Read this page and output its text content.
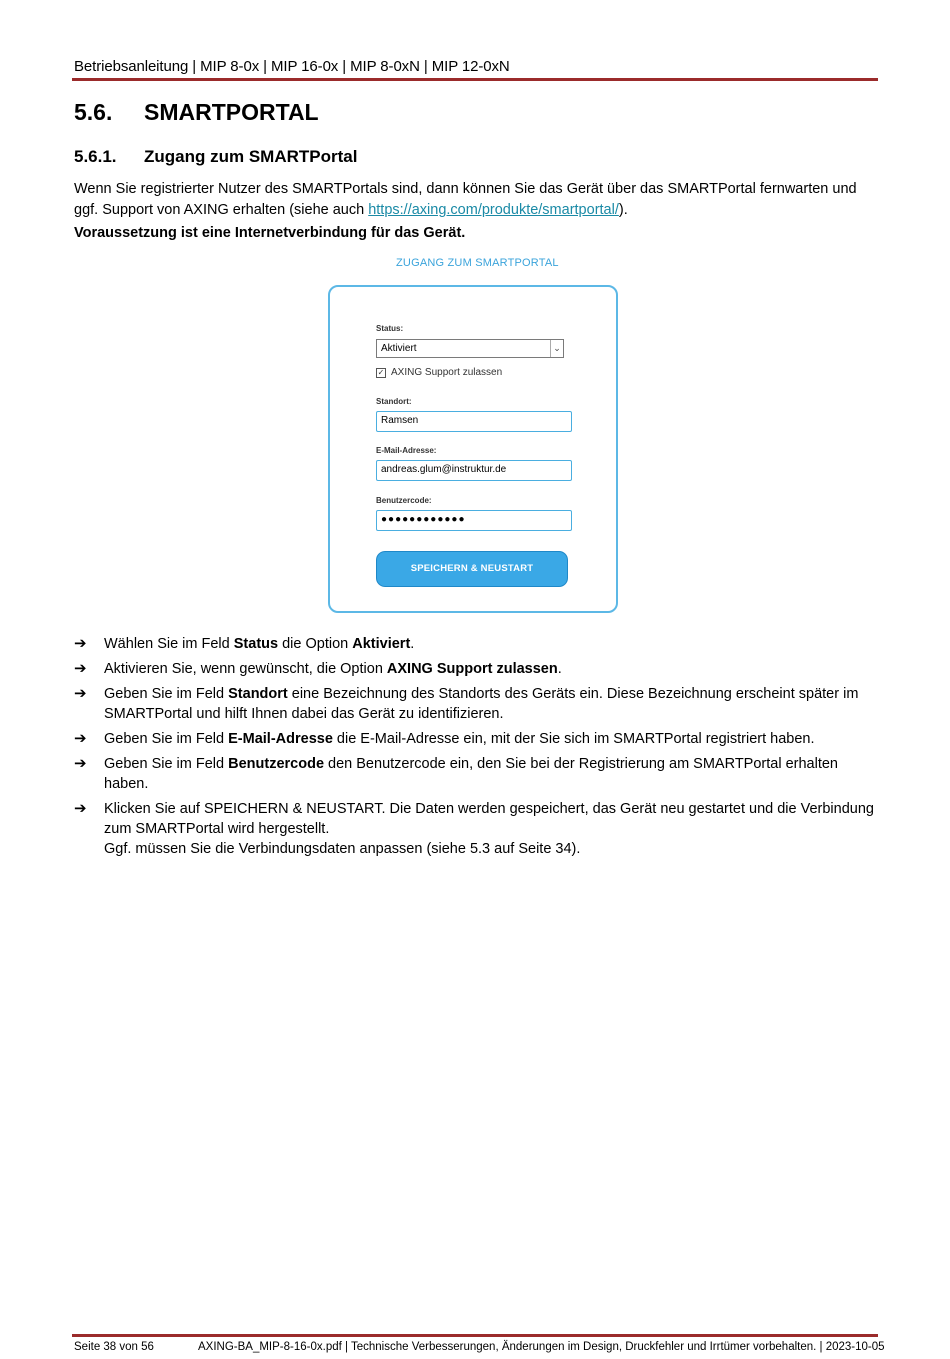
Betriebsanleitung | MIP 8-0x | MIP 16-0x | MIP 8-0xN | MIP 12-0xN
5.6. SMARTPORTAL
5.6.1. Zugang zum SMARTPortal
Wenn Sie registrierter Nutzer des SMARTPortals sind, dann können Sie das Gerät über das SMARTPortal fernwarten und ggf. Support von AXING erhalten (siehe auch https://axing.com/produkte/smartportal/).
Voraussetzung ist eine Internetverbindung für das Gerät.
ZUGANG ZUM SMARTPORTAL
Status:
Aktiviert	⌄
✓ AXING Support zulassen
Standort:
Ramsen
E-Mail-Adresse:
andreas.glum@instruktur.de
Benutzercode:
●●●●●●●●●●●●
SPEICHERN & NEUSTART
➔ Wählen Sie im Feld Status die Option Aktiviert.
➔ Aktivieren Sie, wenn gewünscht, die Option AXING Support zulassen.
➔ Geben Sie im Feld Standort eine Bezeichnung des Standorts des Geräts ein. Diese Bezeichnung erscheint später im SMARTPortal und hilft Ihnen dabei das Gerät zu identifizieren.
➔ Geben Sie im Feld E-Mail-Adresse die E-Mail-Adresse ein, mit der Sie sich im SMARTPortal registriert haben.
➔ Geben Sie im Feld Benutzercode den Benutzercode ein, den Sie bei der Registrierung am SMARTPortal erhalten haben.
➔ Klicken Sie auf SPEICHERN & NEUSTART. Die Daten werden gespeichert, das Gerät neu gestartet und die Verbindung zum SMARTPortal wird hergestellt.
Ggf. müssen Sie die Verbindungsdaten anpassen (siehe 5.3 auf Seite 34).
Seite 38 von 56	AXING-BA_MIP-8-16-0x.pdf | Technische Verbesserungen, Änderungen im Design, Druckfehler und Irrtümer vorbehalten. | 2023-10-05
